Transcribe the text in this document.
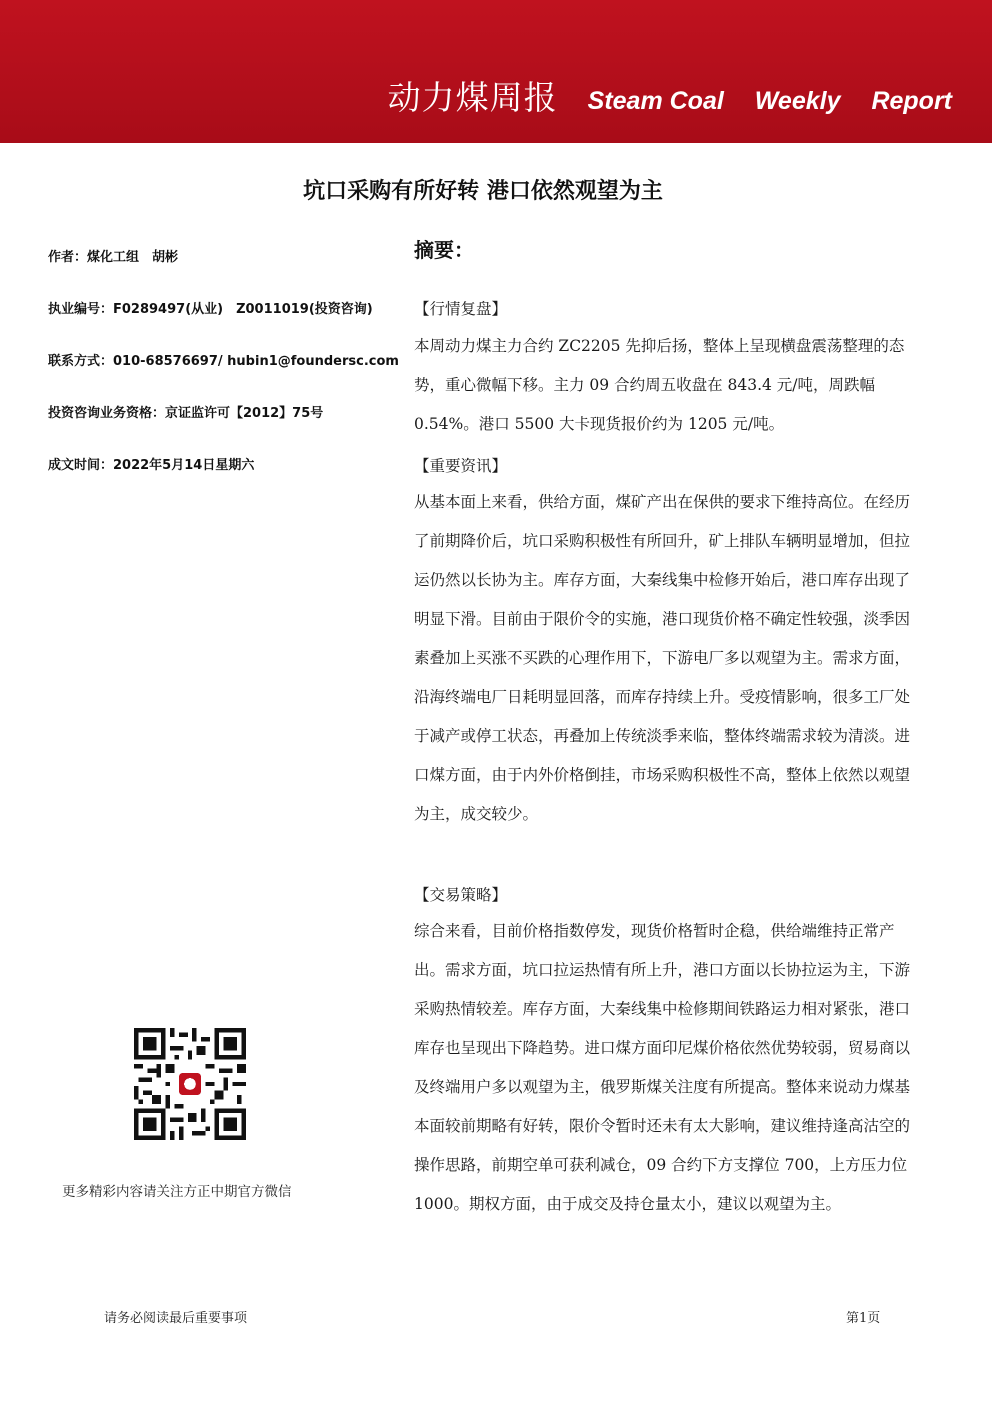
动力煤周报 Steam Coal Weekly Report
坑口采购有所好转 港口依然观望为主
作者：煤化工组　胡彬
执业编号：F0289497(从业)　Z0011019(投资咨询)
联系方式：010-68576697/ hubin1@foundersc.com
投资咨询业务资格：京证监许可【2012】75号
成文时间：2022年5月14日星期六
摘要：
【行情复盘】
本周动力煤主力合约 ZC2205 先抑后扬，整体上呈现横盘震荡整理的态势，重心微幅下移。主力 09 合约周五收盘在 843.4 元/吨，周跌幅 0.54%。港口 5500 大卡现货报价约为 1205 元/吨。
【重要资讯】
从基本面上来看，供给方面，煤矿产出在保供的要求下维持高位。在经历了前期降价后，坑口采购积极性有所回升，矿上排队车辆明显增加，但拉运仍然以长协为主。库存方面，大秦线集中检修开始后，港口库存出现了明显下滑。目前由于限价令的实施，港口现货价格不确定性较强，淡季因素叠加上买涨不买跌的心理作用下，下游电厂多以观望为主。需求方面，沿海终端电厂日耗明显回落，而库存持续上升。受疫情影响，很多工厂处于减产或停工状态，再叠加上传统淡季来临，整体终端需求较为清淡。进口煤方面，由于内外价格倒挂，市场采购积极性不高，整体上依然以观望为主，成交较少。
【交易策略】
综合来看，目前价格指数停发，现货价格暂时企稳，供给端维持正常产出。需求方面，坑口拉运热情有所上升，港口方面以长协拉运为主，下游采购热情较差。库存方面，大秦线集中检修期间铁路运力相对紧张，港口库存也呈现出下降趋势。进口煤方面印尼煤价格依然优势较弱，贸易商以及终端用户多以观望为主，俄罗斯煤关注度有所提高。整体来说动力煤基本面较前期略有好转，限价令暂时还未有太大影响，建议维持逢高沽空的操作思路，前期空单可获利减仓，09 合约下方支撑位 700，上方压力位 1000。期权方面，由于成交及持仓量太小，建议以观望为主。
更多精彩内容请关注方正中期官方微信
请务必阅读最后重要事项	第1页
